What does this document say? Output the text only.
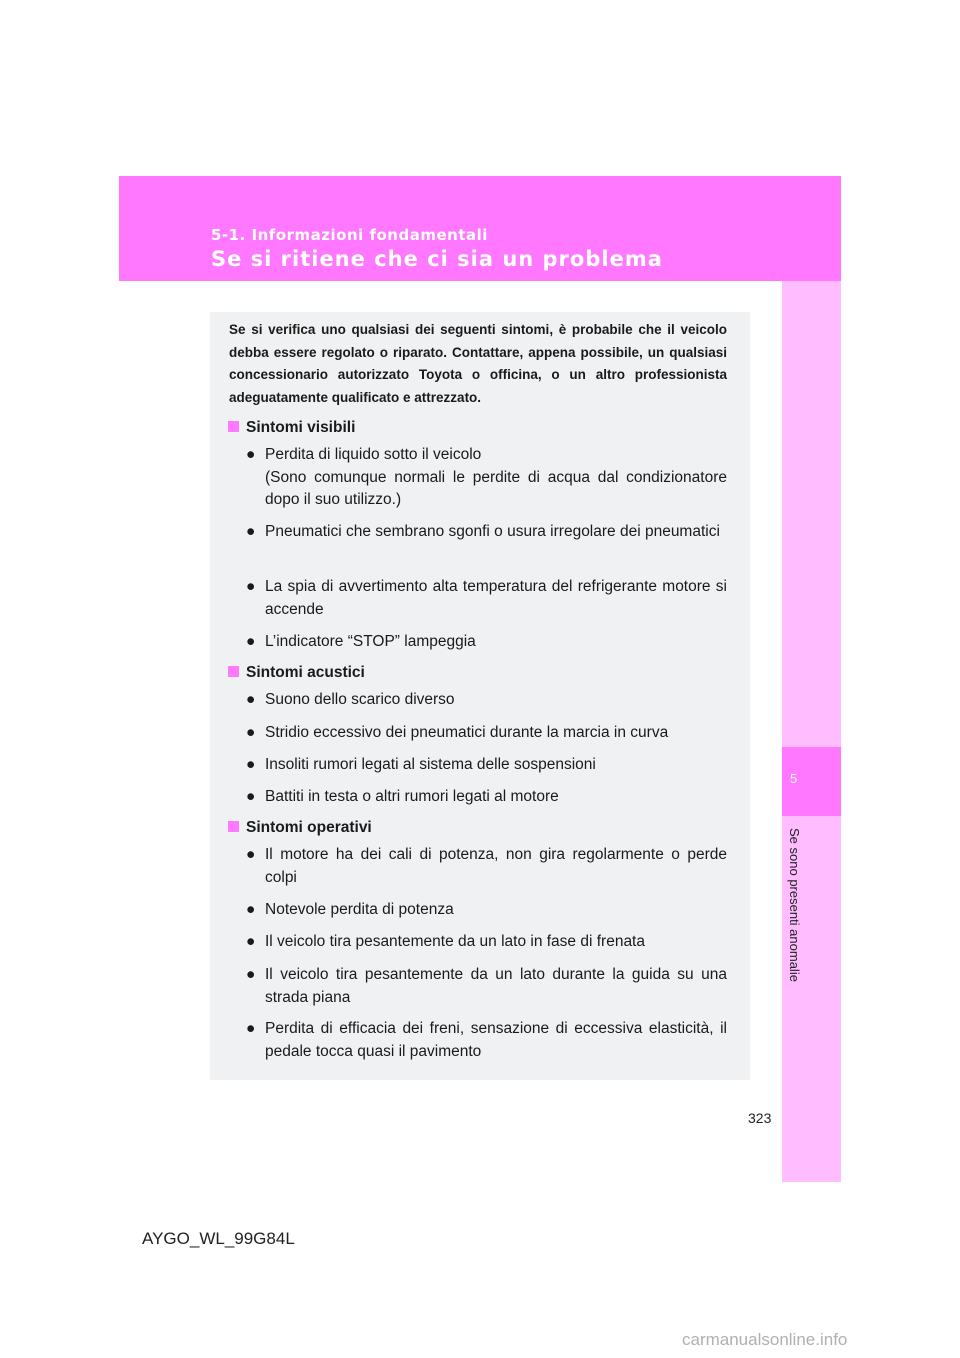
5-1. Informazioni fondamentali
Se si ritiene che ci sia un problema
5
Se sono presenti anomalie
Se si verifica uno qualsiasi dei seguenti sintomi, è probabile che il veicolo debba essere regolato o riparato. Contattare, appena possibile, un qualsiasi concessionario autorizzato Toyota o officina, o un altro professionista adeguatamente qualificato e attrezzato.
Sintomi visibili
● Perdita di liquido sotto il veicolo
(Sono comunque normali le perdite di acqua dal condizionatore dopo il suo utilizzo.)
● Pneumatici che sembrano sgonfi o usura irregolare dei pneumatici
● La spia di avvertimento alta temperatura del refrigerante motore si accende
● L’indicatore “STOP” lampeggia
Sintomi acustici
● Suono dello scarico diverso
● Stridio eccessivo dei pneumatici durante la marcia in curva
● Insoliti rumori legati al sistema delle sospensioni
● Battiti in testa o altri rumori legati al motore
Sintomi operativi
● Il motore ha dei cali di potenza, non gira regolarmente o perde colpi
● Notevole perdita di potenza
● Il veicolo tira pesantemente da un lato in fase di frenata
● Il veicolo tira pesantemente da un lato durante la guida su una strada piana
● Perdita di efficacia dei freni, sensazione di eccessiva elasticità, il pedale tocca quasi il pavimento
323
AYGO_WL_99G84L
carmanualsonline.info
